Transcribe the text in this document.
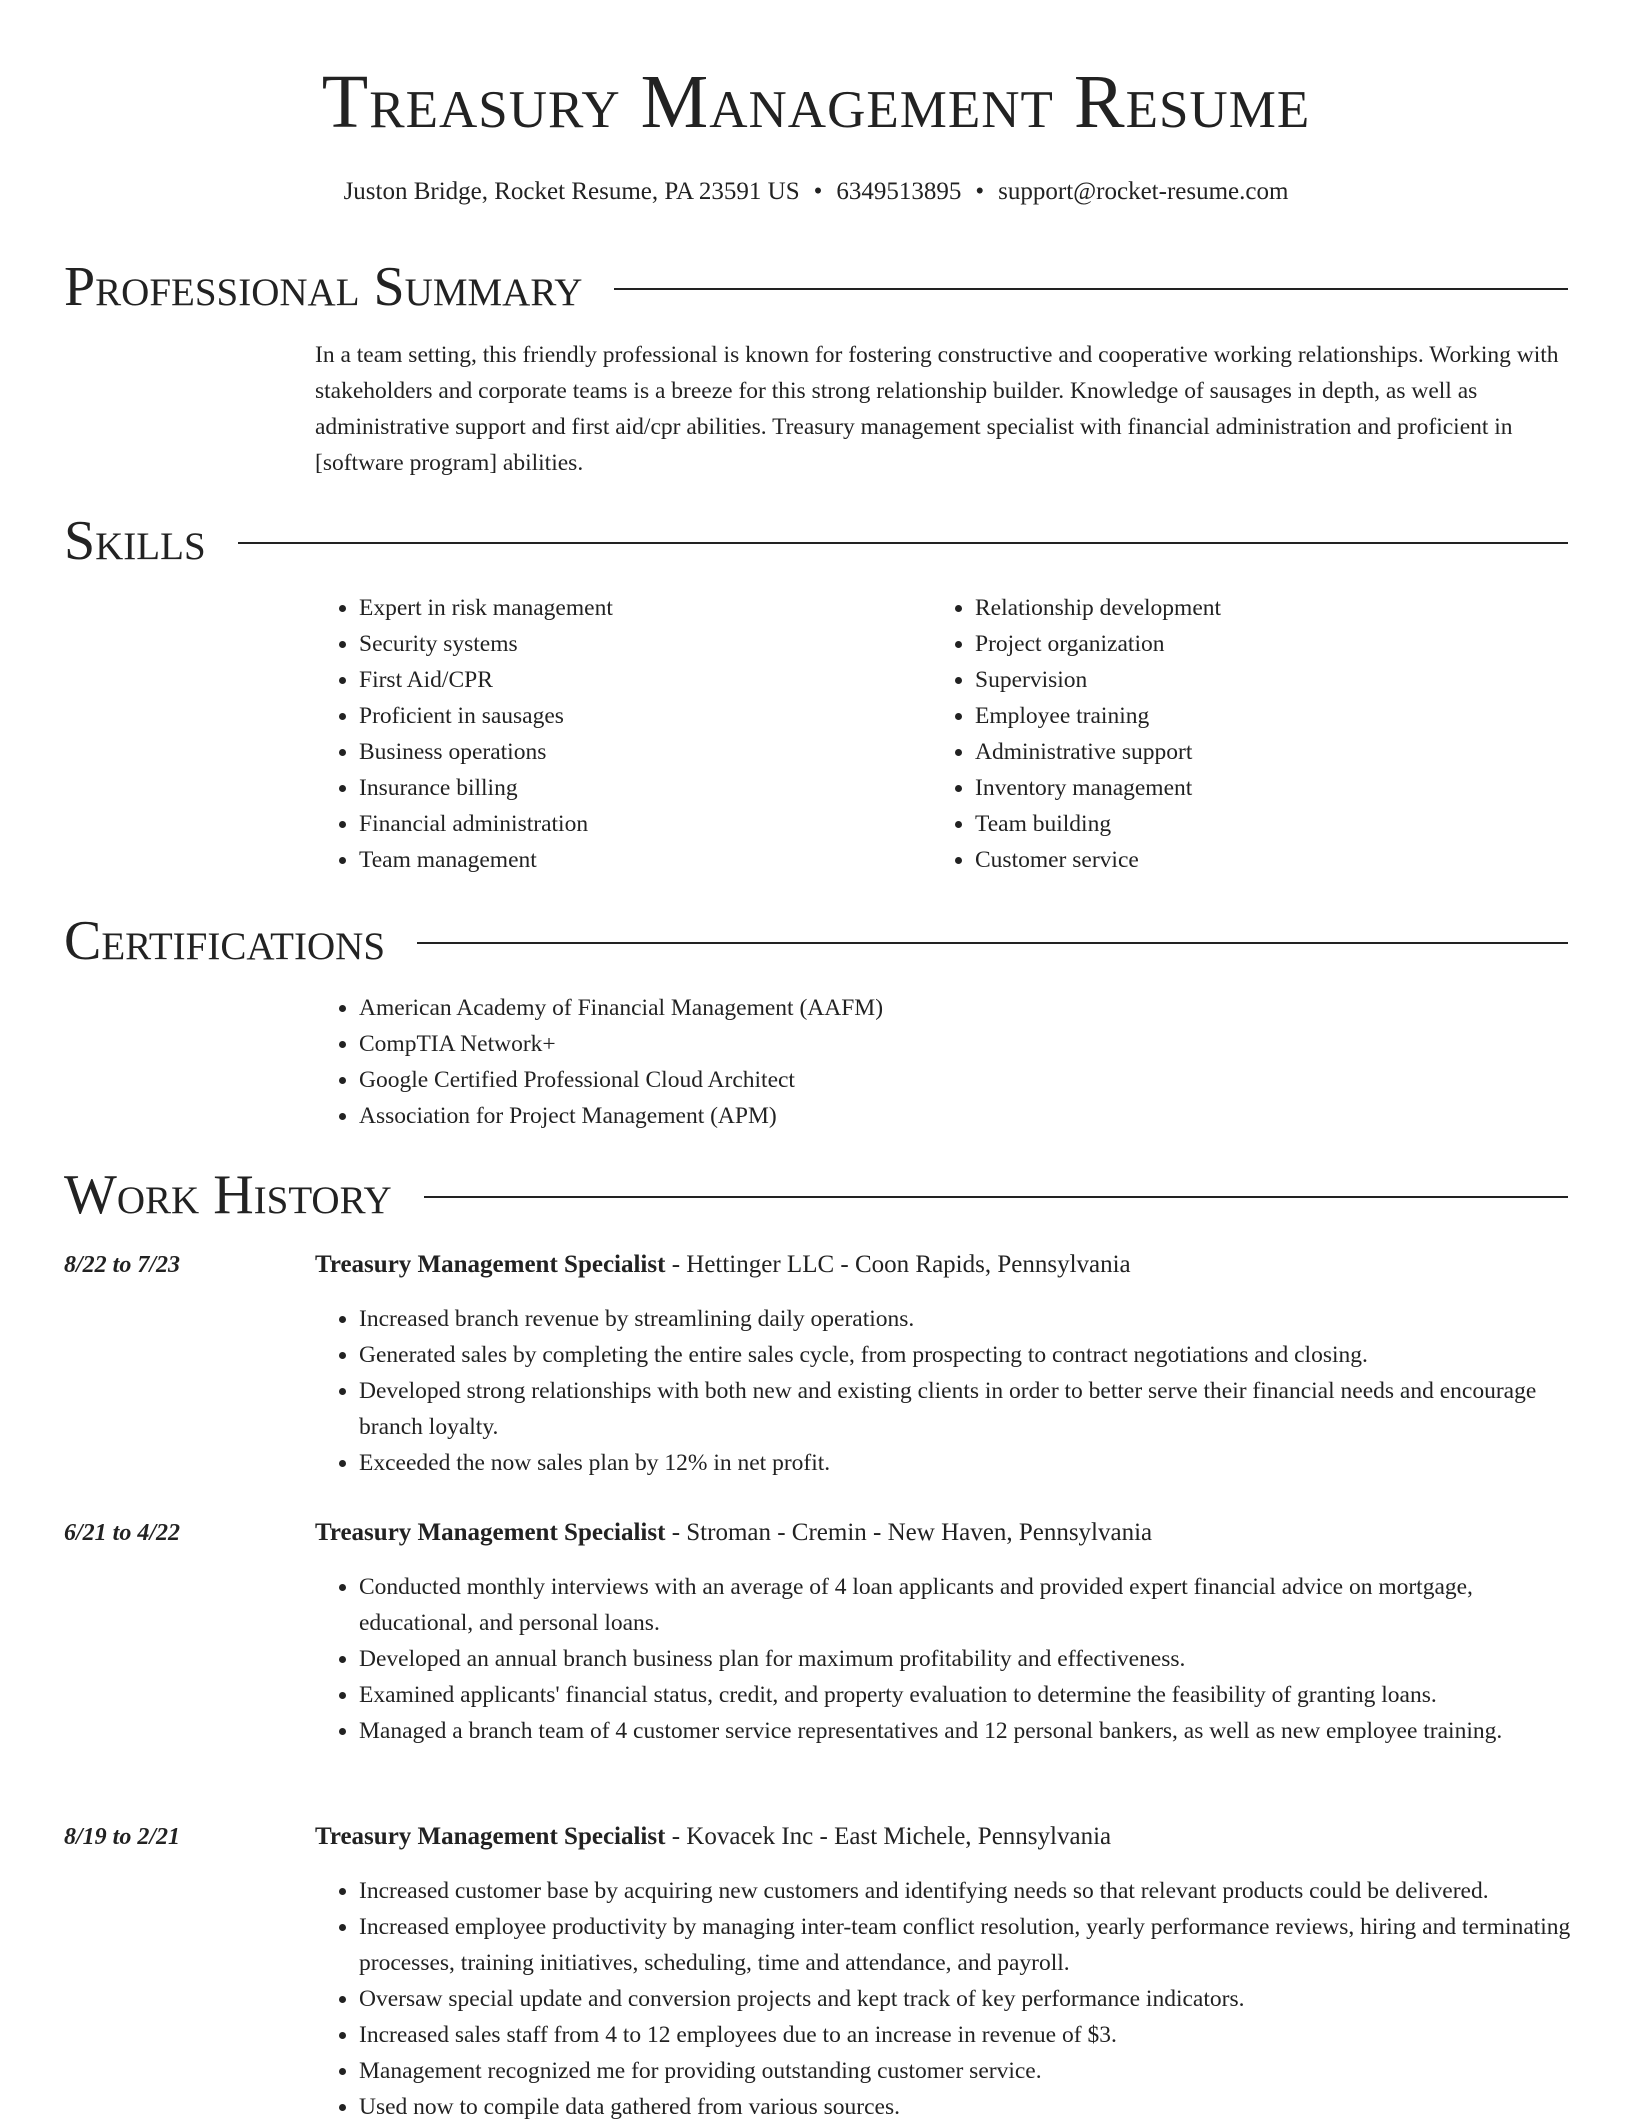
Treasury Management Resume
Juston Bridge, Rocket Resume, PA 23591 US • 6349513895 • support@rocket-resume.com
Professional Summary

In a team setting, this friendly professional is known for fostering constructive and cooperative working relationships. Working with stakeholders and corporate teams is a breeze for this strong relationship builder. Knowledge of sausages in depth, as well as administrative support and first aid/cpr abilities. Treasury management specialist with financial administration and proficient in [software program] abilities.

Skills
• Expert in risk management
• Security systems
• First Aid/CPR
• Proficient in sausages
• Business operations
• Insurance billing
• Financial administration
• Team management
• Relationship development
• Project organization
• Supervision
• Employee training
• Administrative support
• Inventory management
• Team building
• Customer service
Certifications
• American Academy of Financial Management (AAFM)
• CompTIA Network+
• Google Certified Professional Cloud Architect
• Association for Project Management (APM)
Work History
8/22 to 7/23	Treasury Management Specialist - Hettinger LLC - Coon Rapids, Pennsylvania
• Increased branch revenue by streamlining daily operations.
• Generated sales by completing the entire sales cycle, from prospecting to contract negotiations and closing.
• Developed strong relationships with both new and existing clients in order to better serve their financial needs and encourage branch loyalty.
• Exceeded the now sales plan by 12% in net profit.
6/21 to 4/22	Treasury Management Specialist - Stroman - Cremin - New Haven, Pennsylvania
• Conducted monthly interviews with an average of 4 loan applicants and provided expert financial advice on mortgage, educational, and personal loans.
• Developed an annual branch business plan for maximum profitability and effectiveness.
• Examined applicants' financial status, credit, and property evaluation to determine the feasibility of granting loans.
• Managed a branch team of 4 customer service representatives and 12 personal bankers, as well as new employee training.
8/19 to 2/21	Treasury Management Specialist - Kovacek Inc - East Michele, Pennsylvania
• Increased customer base by acquiring new customers and identifying needs so that relevant products could be delivered.
• Increased employee productivity by managing inter-team conflict resolution, yearly performance reviews, hiring and terminating processes, training initiatives, scheduling, time and attendance, and payroll.
• Oversaw special update and conversion projects and kept track of key performance indicators.
• Increased sales staff from 4 to 12 employees due to an increase in revenue of $3.
• Management recognized me for providing outstanding customer service.
• Used now to compile data gathered from various sources.
